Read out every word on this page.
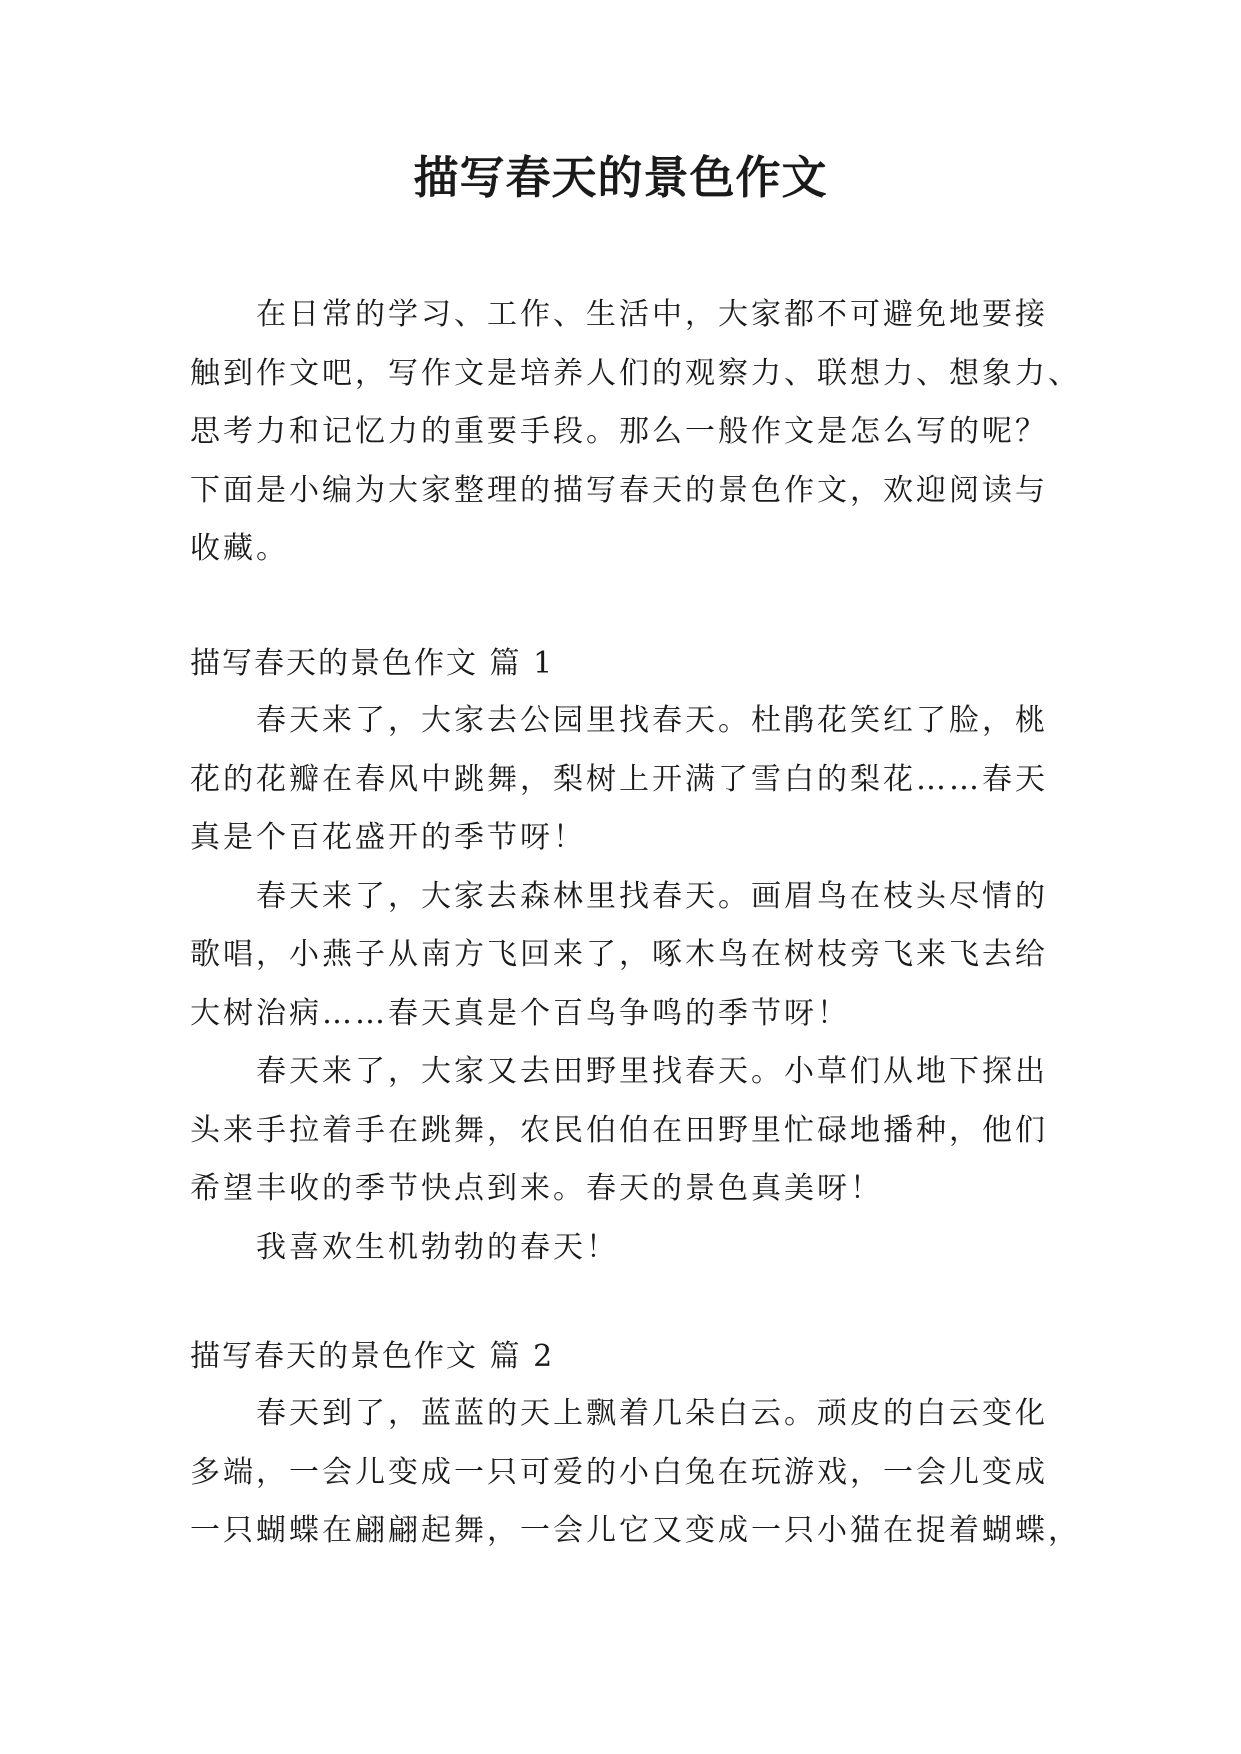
描写春天的景色作文
在日常的学习、工作、生活中，大家都不可避免地要接
触到作文吧，写作文是培养人们的观察力、联想力、想象力、
思考力和记忆力的重要手段。那么一般作文是怎么写的呢？
下面是小编为大家整理的描写春天的景色作文，欢迎阅读与
收藏。
描写春天的景色作文 篇 1
春天来了，大家去公园里找春天。杜鹃花笑红了脸，桃
花的花瓣在春风中跳舞，梨树上开满了雪白的梨花……春天
真是个百花盛开的季节呀！
春天来了，大家去森林里找春天。画眉鸟在枝头尽情的
歌唱，小燕子从南方飞回来了，啄木鸟在树枝旁飞来飞去给
大树治病……春天真是个百鸟争鸣的季节呀！
春天来了，大家又去田野里找春天。小草们从地下探出
头来手拉着手在跳舞，农民伯伯在田野里忙碌地播种，他们
希望丰收的季节快点到来。春天的景色真美呀！
我喜欢生机勃勃的春天！
描写春天的景色作文 篇 2
春天到了，蓝蓝的天上飘着几朵白云。顽皮的白云变化
多端，一会儿变成一只可爱的小白兔在玩游戏，一会儿变成
一只蝴蝶在翩翩起舞，一会儿它又变成一只小猫在捉着蝴蝶，
